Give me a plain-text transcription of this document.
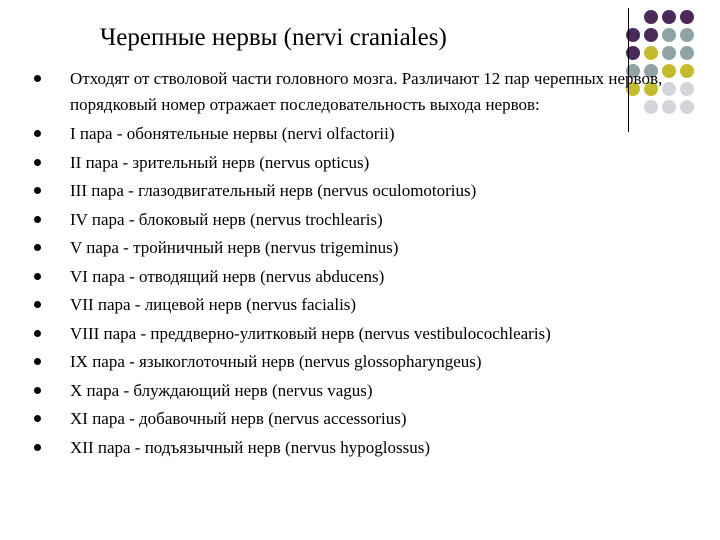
Черепные нервы (nervi craniales)
Отходят от стволовой части головного мозга. Различают 12 пар черепных нервов, порядковый номер отражает последовательность выхода нервов:
I пара - обонятельные нервы (nervi olfactorii)
II пара - зрительный нерв (nervus opticus)
III пара - глазодвигательный нерв (nervus oculomotorius)
IV пара - блоковый нерв (nervus trochlearis)
V пара - тройничный нерв (nervus trigeminus)
VI пара - отводящий нерв (nervus abducens)
VII пара - лицевой нерв (nervus facialis)
VIII пара - преддверно-улитковый нерв (nervus vestibulocochlearis)
IX пара - языкоглоточный нерв (nervus glossopharyngeus)
X пара - блуждающий нерв (nervus vagus)
XI пара - добавочный нерв (nervus accessorius)
XII пара - подъязычный нерв (nervus hypoglossus)
